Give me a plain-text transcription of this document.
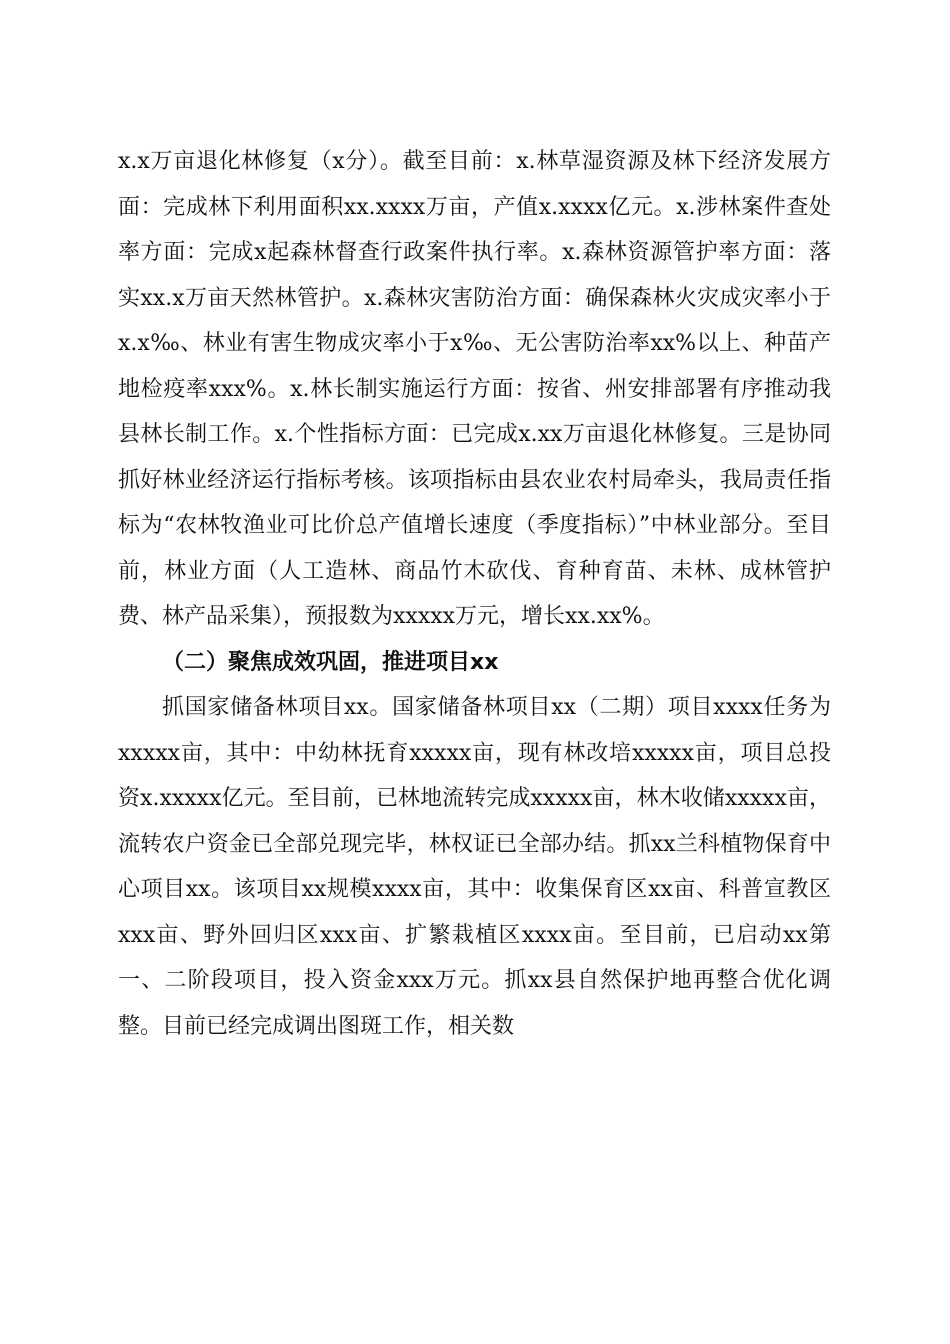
x.x万亩退化林修复（x分）。截至目前：x.林草湿资源及林下经济发展方面：完成林下利用面积xx.xxxx万亩，产值x.xxxx亿元。x.涉林案件查处率方面：完成x起森林督查行政案件执行率。x.森林资源管护率方面：落实xx.x万亩天然林管护。x.森林灾害防治方面：确保森林火灾成灾率小于x.x‰、林业有害生物成灾率小于x‰、无公害防治率xx%以上、种苗产地检疫率xxx%。x.林长制实施运行方面：按省、州安排部署有序推动我县林长制工作。x.个性指标方面：已完成x.xx万亩退化林修复。三是协同抓好林业经济运行指标考核。该项指标由县农业农村局牵头，我局责任指标为“农林牧渔业可比价总产值增长速度（季度指标）”中林业部分。至目前，林业方面（人工造林、商品竹木砍伐、育种育苗、未林、成林管护费、林产品采集），预报数为xxxxx万元，增长xx.xx%。

（二）聚焦成效巩固，推进项目xx

抓国家储备林项目xx。国家储备林项目xx（二期）项目xxxx任务为xxxxx亩，其中：中幼林抚育xxxxx亩，现有林改培xxxxx亩，项目总投资x.xxxxx亿元。至目前，已林地流转完成xxxxx亩，林木收储xxxxx亩，流转农户资金已全部兑现完毕，林权证已全部办结。抓xx兰科植物保育中心项目xx。该项目xx规模xxxx亩，其中：收集保育区xx亩、科普宣教区xxx亩、野外回归区xxx亩、扩繁栽植区xxxx亩。至目前，已启动xx第一、二阶段项目，投入资金xxx万元。抓xx县自然保护地再整合优化调整。目前已经完成调出图斑工作，相关数
